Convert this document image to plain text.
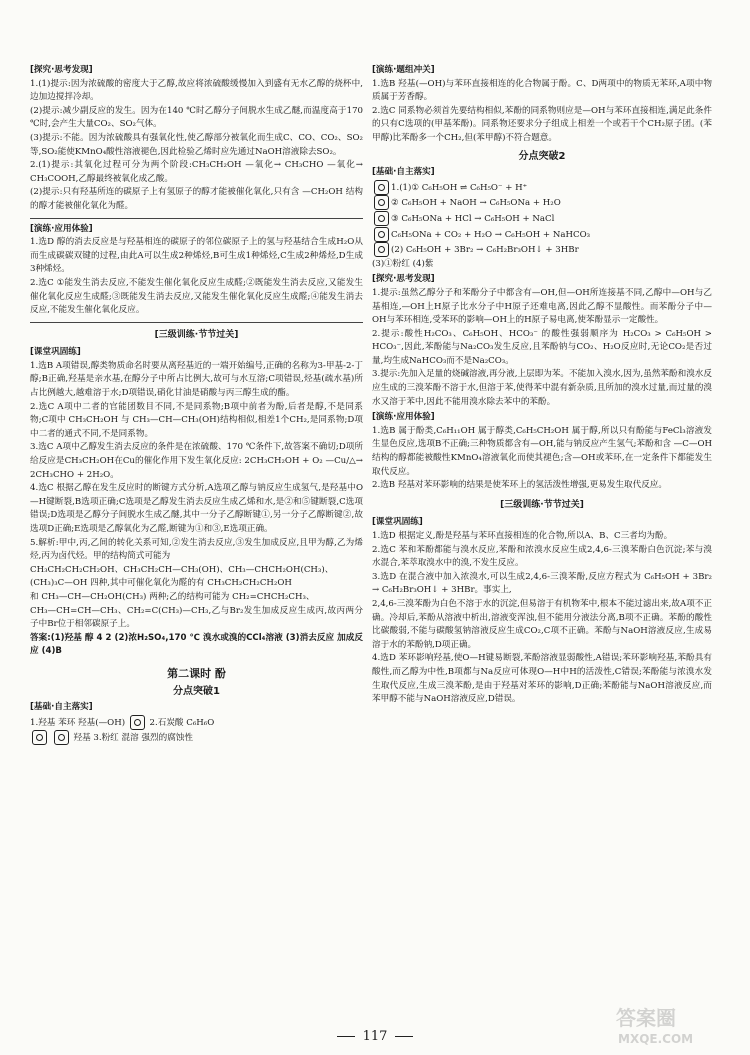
[探究·思考发现]
1.(1)提示:因为浓硫酸的密度大于乙醇,故应将浓硫酸缓慢加入到盛有无水乙醇的烧杯中,边加边搅拌冷却。
(2)提示:减少副反应的发生。因为在140 ℃时乙醇分子间脱水生成乙醚,而温度高于170 ℃时,会产生大量CO₂、SO₂气体。
(3)提示:不能。因为浓硫酸具有强氧化性,使乙醇部分被氧化而生成C、CO、CO₂、SO₂等,SO₂能使KMnO₄酸性溶液褪色,因此检验乙烯时应先通过NaOH溶液除去SO₂。
2.(1)提示:其氧化过程可分为两个阶段:CH₃CH₂OH —氧化→ CH₃CHO —氧化→ CH₃COOH,乙醇最终被氧化成乙酸。
(2)提示:只有羟基所连的碳原子上有氢原子的醇才能被催化氧化,只有含 —CH₂OH 结构的醇才能被催化氧化为醛。
[演练·应用体验]
1.选D 醇的消去反应是与羟基相连的碳原子的邻位碳原子上的氢与羟基结合生成H₂O从而生成碳碳双键的过程,由此A可以生成2种烯烃,B可生成1种烯烃,C生成2种烯烃,D生成3种烯烃。
2.选C ①能发生消去反应,不能发生催化氧化反应生成醛;②既能发生消去反应,又能发生催化氧化反应生成醛;③既能发生消去反应,又能发生催化氧化反应生成醛;④能发生消去反应,不能发生催化氧化反应。
[三级训练·节节过关]
[课堂巩固练]
1.选B A项错误,醇类物质命名时要从离羟基近的一端开始编号,正确的名称为3-甲基-2-丁醇;B正确,羟基是亲水基,在醇分子中所占比例大,故可与水互溶;C项错误,烃基(疏水基)所占比例越大,越难溶于水;D项错误,硝化甘油是硝酸与丙三醇生成的酯。
2.选C A项中二者的官能团数目不同,不是同系物;B项中前者为酚,后者是醇,不是同系物;C项中 CH₃CH₂OH 与 CH₃—CH—CH₃(OH)结构相似,相差1个CH₂,是同系物;D项中二者的通式不同,不是同系物。
3.选C A项中乙醇发生消去反应的条件是在浓硫酸、170 ℃条件下,故答案不确切;D项所给反应是CH₃CH₂OH在Cu的催化作用下发生氧化反应: 2CH₃CH₂OH + O₂ —Cu/△→ 2CH₃CHO + 2H₂O。
4.选C 根据乙醇在发生反应时的断键方式分析,A选项乙醇与钠反应生成氢气,是羟基中O—H键断裂,B选项正确;C选项是乙醇发生消去反应生成乙烯和水,是②和⑤键断裂,C选项错误;D选项是乙醇分子间脱水生成乙醚,其中一分子乙醇断键①,另一分子乙醇断键②,故选项D正确;E选项是乙醇氧化为乙醛,断键为①和③,E选项正确。
5.解析:甲中,丙,乙间的转化关系可知,②发生消去反应,③发生加成反应,且甲为醇,乙为烯烃,丙为卤代烃。甲的结构简式可能为
CH₃CH₂CH₂CH₂OH、CH₃CH₂CH—CH₃(OH)、CH₃—CHCH₂OH(CH₃)、
(CH₃)₃C—OH 四种,其中可催化氧化为醛的有 CH₃CH₂CH₂CH₂OH
和 CH₃—CH—CH₂OH(CH₃) 两种;乙的结构可能为 CH₂=CHCH₂CH₃、
CH₃—CH=CH—CH₃、CH₂=C(CH₃)—CH₃,乙与Br₂发生加成反应生成丙,故丙两分子中Br位于相邻碳原子上。
答案:(1)羟基 醇 4 2 (2)浓H₂SO₄,170 ℃ 溴水或溴的CCl₄溶液 (3)消去反应 加成反应 (4)B
第二课时 酚
分点突破1
[基础·自主落实]
1.羟基 苯环 羟基(—OH)	2.石炭酸 C₆H₆O
羟基 3.粉红 混溶 强烈的腐蚀性
[演练·题组冲关]
1.选B 羟基(—OH)与苯环直接相连的化合物属于酚。C、D两项中的物质无苯环,A项中物质属于芳香醇。
2.选C 同系物必须首先要结构相似,苯酚的同系物则应是—OH与苯环直接相连,满足此条件的只有C选项的(甲基苯酚)。同系物还要求分子组成上相差一个或若干个CH₂原子团。(苯甲醇)比苯酚多一个CH₂,但(苯甲醇)不符合题意。
分点突破2
[基础·自主落实]
1.(1)① C₆H₅OH ⇌ C₆H₅O⁻ + H⁺
② C₆H₅OH + NaOH → C₆H₅ONa + H₂O
③ C₆H₅ONa + HCl → C₆H₅OH + NaCl
C₆H₅ONa + CO₂ + H₂O → C₆H₅OH + NaHCO₃
(2) C₆H₅OH + 3Br₂ → C₆H₂Br₃OH↓ + 3HBr
(3)①粉红 (4)紫
[探究·思考发现]
1.提示:虽然乙醇分子和苯酚分子中都含有—OH,但—OH所连接基不同,乙醇中—OH与乙基相连,—OH上H原子比水分子中H原子还难电离,因此乙醇不显酸性。而苯酚分子中—OH与苯环相连,受苯环的影响—OH上的H原子易电离,使苯酚显示一定酸性。
2.提示:酸性H₂CO₃、C₆H₅OH、HCO₃⁻ 的酸性强弱顺序为 H₂CO₃ > C₆H₅OH > HCO₃⁻,因此,苯酚能与Na₂CO₃发生反应,且苯酚钠与CO₂、H₂O反应时,无论CO₂是否过量,均生成NaHCO₃而不是Na₂CO₃。
3.提示:先加入足量的烧碱溶液,再分液,上层即为苯。不能加入溴水,因为,虽然苯酚和溴水反应生成的三溴苯酚不溶于水,但溶于苯,使得苯中混有新杂质,且所加的溴水过量,而过量的溴水又溶于苯中,因此不能用溴水除去苯中的苯酚。
[演练·应用体验]
1.选B 属于酚类,C₆H₁₁OH 属于醇类,C₆H₅CH₂OH 属于醇,所以只有酚能与FeCl₃溶液发生显色反应,选项B不正确;三种物质都含有—OH,能与钠反应产生氢气;苯酚和含 —C—OH 结构的醇都能被酸性KMnO₄溶液氧化而使其褪色;含—OH或苯环,在一定条件下都能发生取代反应。
2.选B 羟基对苯环影响的结果是使苯环上的氢活泼性增强,更易发生取代反应。
[三级训练·节节过关]
[课堂巩固练]
1.选D 根据定义,酚是羟基与苯环直接相连的化合物,所以A、B、C三者均为酚。
2.选C 苯和苯酚都能与溴水反应,苯酚和浓溴水反应生成2,4,6-三溴苯酚白色沉淀;苯与溴水混合,苯萃取溴水中的溴,不发生反应。
3.选D 在混合液中加入浓溴水,可以生成2,4,6-三溴苯酚,反应方程式为 C₆H₅OH + 3Br₂ → C₆H₂Br₃OH↓ + 3HBr。事实上,
2,4,6-三溴苯酚为白色不溶于水的沉淀,但易溶于有机物苯中,根本不能过滤出来,故A项不正确。冷却后,苯酚从溶液中析出,溶液变浑浊,但不能用分液法分离,B项不正确。苯酚的酸性比碳酸弱,不能与碳酸氢钠溶液反应生成CO₂,C项不正确。苯酚与NaOH溶液反应,生成易溶于水的苯酚钠,D项正确。
4.选D 苯环影响羟基,使O—H键易断裂,苯酚溶液显弱酸性,A错误;苯环影响羟基,苯酚具有酸性,而乙醇为中性,B项都与Na反应可体现O—H中H的活泼性,C错误;苯酚能与浓溴水发生取代反应,生成三溴苯酚,是由于羟基对苯环的影响,D正确;苯酚能与NaOH溶液反应,而苯甲醇不能与NaOH溶液反应,D错误。
117
答案圈
MXQE.COM
